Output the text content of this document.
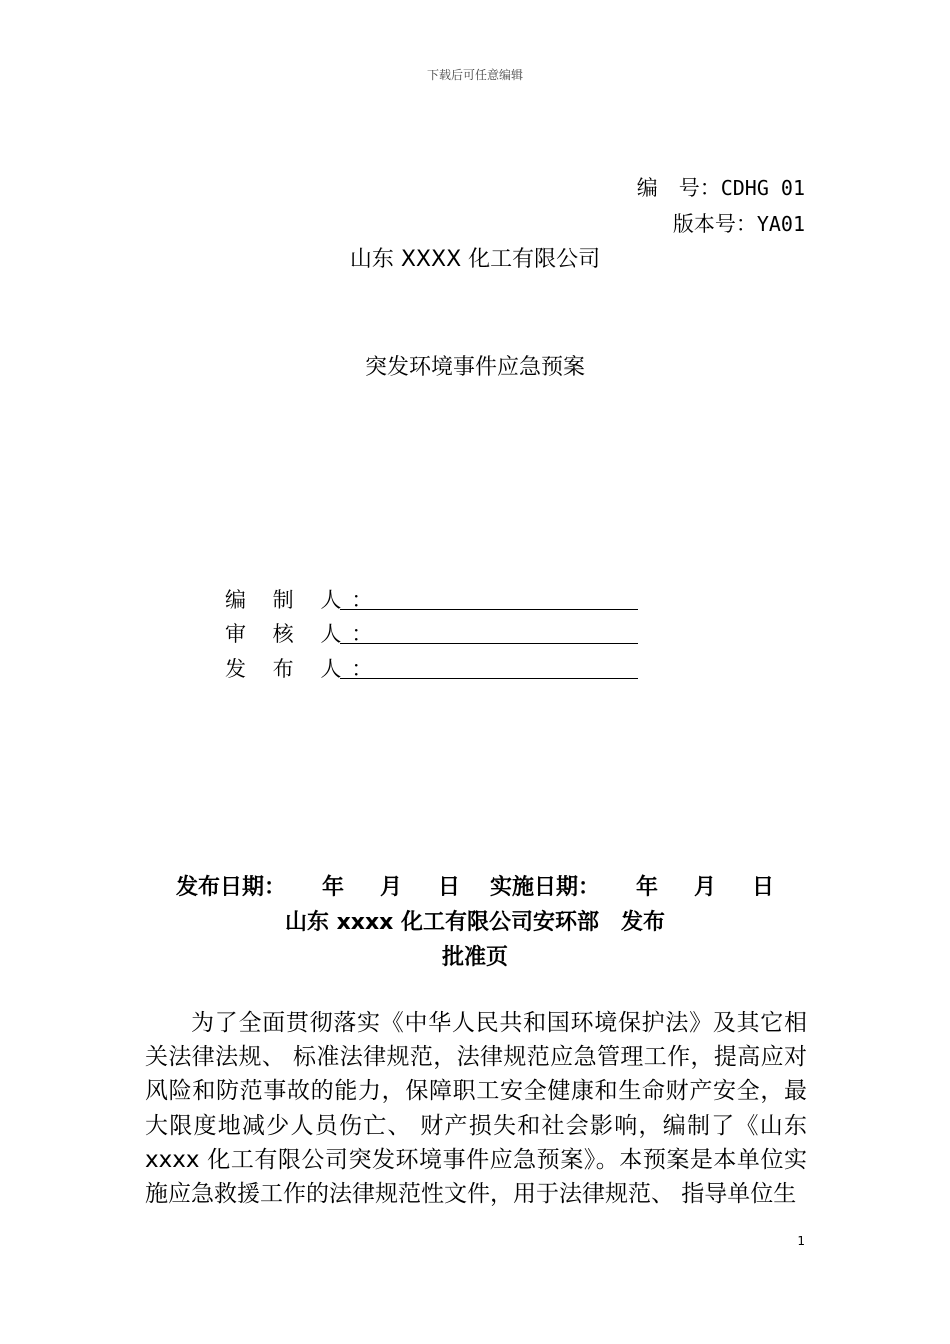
下载后可任意编辑
编　号：CDHG 01
版本号：YA01
山东 XXXX 化工有限公司
突发环境事件应急预案
编 制 人：
审 核 人：
发 布 人：
发布日期： 年 月 日 实施日期： 年 月 日
山东 xxxx 化工有限公司安环部　发布
批准页
为了全面贯彻落实《中华人民共和国环境保护法》及其它相关法律法规、 标准法律规范，法律规范应急管理工作，提高应对风险和防范事故的能力，保障职工安全健康和生命财产安全，最大限度地减少人员伤亡、 财产损失和社会影响，编制了《山东 xxxx 化工有限公司突发环境事件应急预案》。本预案是本单位实施应急救援工作的法律规范性文件，用于法律规范、 指导单位生
1
